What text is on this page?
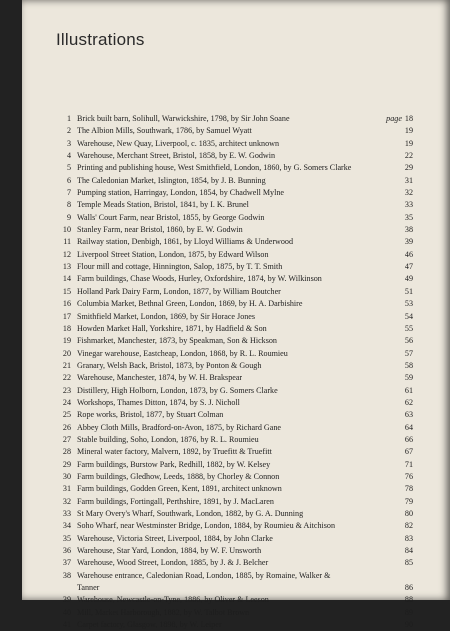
Illustrations
1 Brick built barn, Solihull, Warwickshire, 1798, by Sir John Soane	page 18
2 The Albion Mills, Southwark, 1786, by Samuel Wyatt	19
3 Warehouse, New Quay, Liverpool, c. 1835, architect unknown	19
4 Warehouse, Merchant Street, Bristol, 1858, by E. W. Godwin	22
5 Printing and publishing house, West Smithfield, London, 1860, by G. Somers Clarke	29
6 The Caledonian Market, Islington, 1854, by J. B. Bunning	31
7 Pumping station, Harringay, London, 1854, by Chadwell Mylne	32
8 Temple Meads Station, Bristol, 1841, by I. K. Brunel	33
9 Walls' Court Farm, near Bristol, 1855, by George Godwin	35
10 Stanley Farm, near Bristol, 1860, by E. W. Godwin	38
11 Railway station, Denbigh, 1861, by Lloyd Williams & Underwood	39
12 Liverpool Street Station, London, 1875, by Edward Wilson	46
13 Flour mill and cottage, Hinnington, Salop, 1875, by T. T. Smith	47
14 Farm buildings, Chase Woods, Hurley, Oxfordshire, 1874, by W. Wilkinson	49
15 Holland Park Dairy Farm, London, 1877, by William Boutcher	51
16 Columbia Market, Bethnal Green, London, 1869, by H. A. Darbishire	53
17 Smithfield Market, London, 1869, by Sir Horace Jones	54
18 Howden Market Hall, Yorkshire, 1871, by Hadfield & Son	55
19 Fishmarket, Manchester, 1873, by Speakman, Son & Hickson	56
20 Vinegar warehouse, Eastcheap, London, 1868, by R. L. Roumieu	57
21 Granary, Welsh Back, Bristol, 1873, by Ponton & Gough	58
22 Warehouse, Manchester, 1874, by W. H. Brakspear	59
23 Distillery, High Holborn, London, 1873, by G. Somers Clarke	61
24 Workshops, Thames Ditton, 1874, by S. J. Nicholl	62
25 Rope works, Bristol, 1877, by Stuart Colman	63
26 Abbey Cloth Mills, Bradford-on-Avon, 1875, by Richard Gane	64
27 Stable building, Soho, London, 1876, by R. L. Roumieu	66
28 Mineral water factory, Malvern, 1892, by Truefitt & Truefitt	67
29 Farm buildings, Burstow Park, Redhill, 1882, by W. Kelsey	71
30 Farm buildings, Gledhow, Leeds, 1888, by Chorley & Connon	76
31 Farm buildings, Godden Green, Kent, 1891, architect unknown	78
32 Farm buildings, Fortingall, Perthshire, 1891, by J. MacLaren	79
33 St Mary Overy's Wharf, Southwark, London, 1882, by G. A. Dunning	80
34 Soho Wharf, near Westminster Bridge, London, 1884, by Roumieu & Aitchison	82
35 Warehouse, Victoria Street, Liverpool, 1884, by John Clarke	83
36 Warehouse, Star Yard, London, 1884, by W. F. Unsworth	84
37 Warehouse, Wood Street, London, 1885, by J. & J. Belcher	85
38 Warehouse entrance, Caledonian Road, London, 1885, by Romaine, Walker &
Tanner	86
39 Warehouse, Newcastle-on-Tyne, 1886, by Oliver & Leeson	88
40 Mill, Market Harborough, 1882, by W. Talbot Brown	89
41 Carpet factory, Glasgow, 1898, by W. Leiper	90
